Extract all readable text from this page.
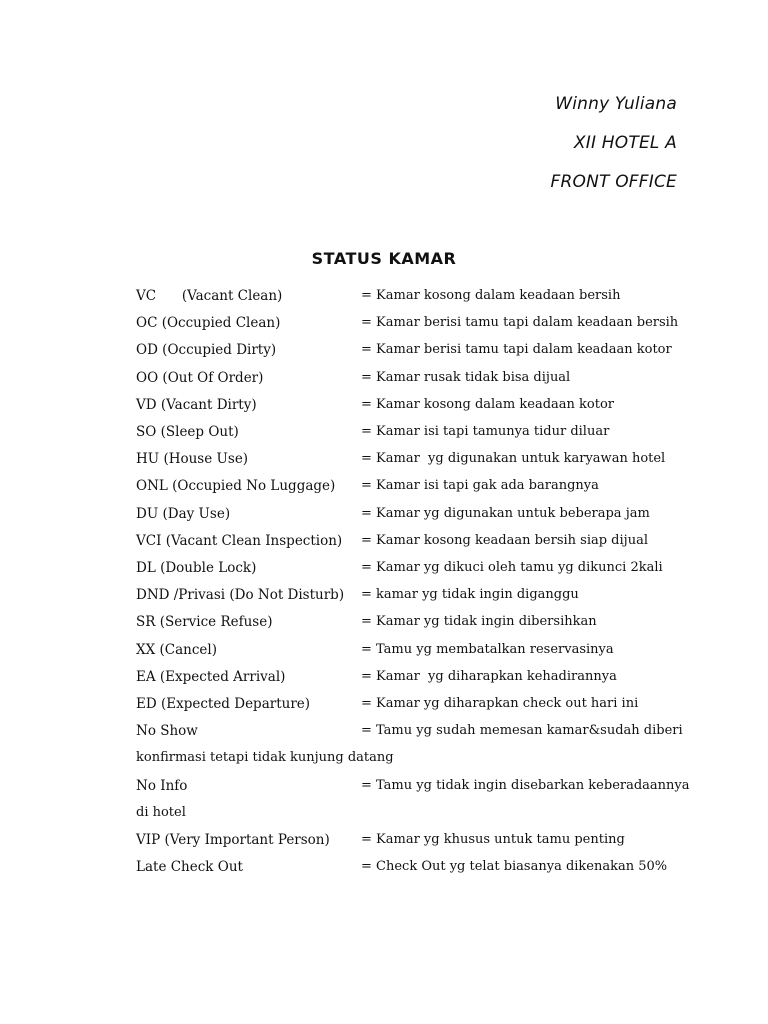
Winny Yuliana
XII HOTEL A
FRONT OFFICE
STATUS KAMAR
VC      (Vacant Clean)	= Kamar kosong dalam keadaan bersih
OC (Occupied Clean)	= Kamar berisi tamu tapi dalam keadaan bersih
OD (Occupied Dirty)	= Kamar berisi tamu tapi dalam keadaan kotor
OO (Out Of Order)	= Kamar rusak tidak bisa dijual
VD (Vacant Dirty)	= Kamar kosong dalam keadaan kotor
SO (Sleep Out)	= Kamar isi tapi tamunya tidur diluar
HU (House Use)	= Kamar  yg digunakan untuk karyawan hotel
ONL (Occupied No Luggage) = Kamar isi tapi gak ada barangnya
DU (Day Use)	= Kamar yg digunakan untuk beberapa jam
VCI (Vacant Clean Inspection) = Kamar kosong keadaan bersih siap dijual
DL (Double Lock)	= Kamar yg dikuci oleh tamu yg dikunci 2kali
DND /Privasi (Do Not Disturb) = kamar yg tidak ingin diganggu
SR (Service Refuse)	= Kamar yg tidak ingin dibersihkan
XX (Cancel)	= Tamu yg membatalkan reservasinya
EA (Expected Arrival)	= Kamar  yg diharapkan kehadirannya
ED (Expected Departure)	= Kamar yg diharapkan check out hari ini
No Show	= Tamu yg sudah memesan kamar&sudah diberi
konfirmasi tetapi tidak kunjung datang
No Info	= Tamu yg tidak ingin disebarkan keberadaannya
di hotel
VIP (Very Important Person) = Kamar yg khusus untuk tamu penting
Late Check Out	= Check Out yg telat biasanya dikenakan 50%
